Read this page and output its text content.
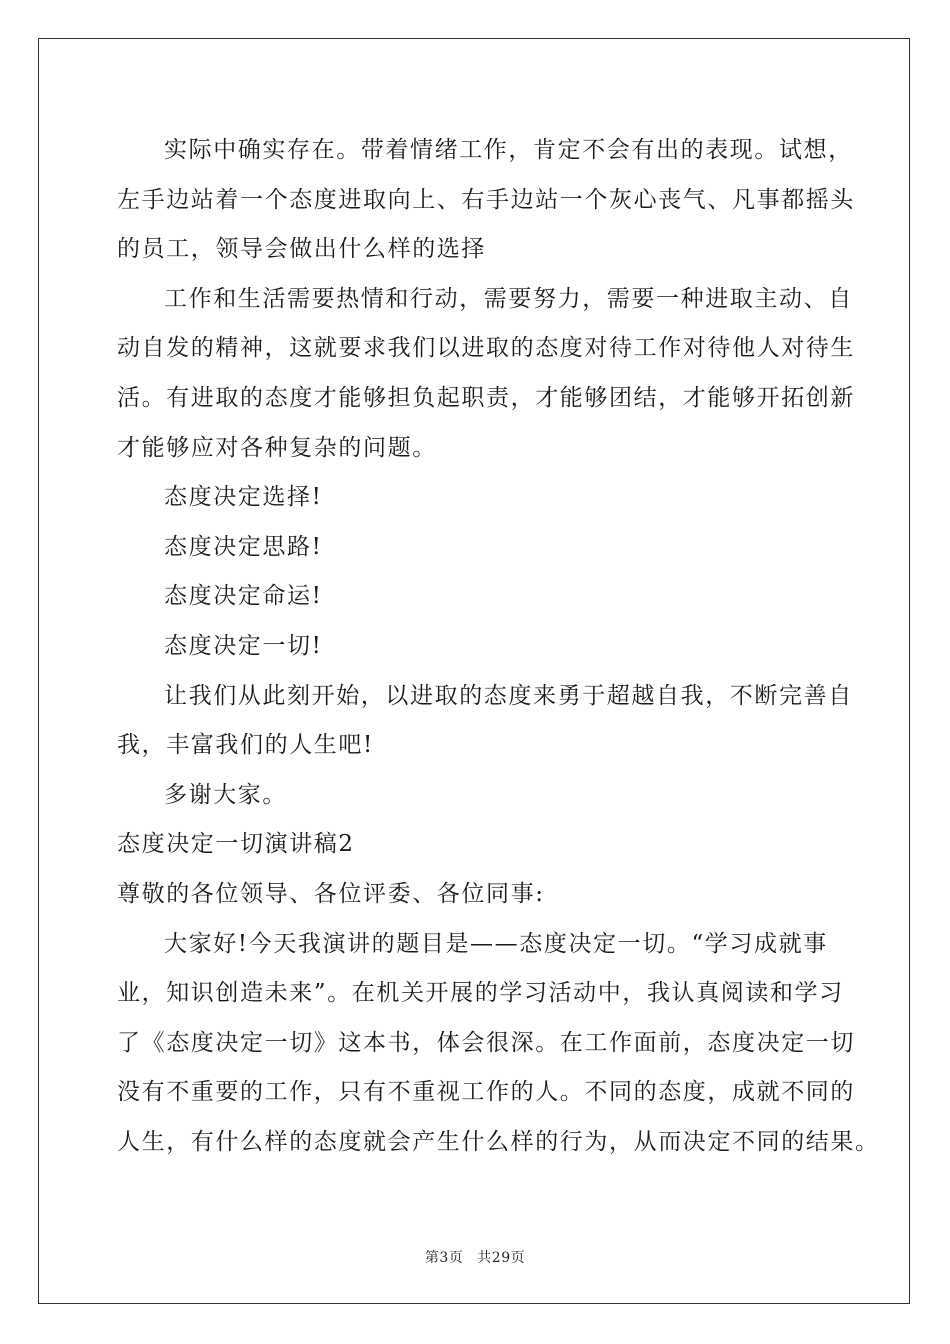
实际中确实存在。带着情绪工作，肯定不会有出的表现。试想，
左手边站着一个态度进取向上、右手边站一个灰心丧气、凡事都摇头
的员工，领导会做出什么样的选择

工作和生活需要热情和行动，需要努力，需要一种进取主动、自
动自发的精神，这就要求我们以进取的态度对待工作对待他人对待生
活。有进取的态度才能够担负起职责，才能够团结，才能够开拓创新
才能够应对各种复杂的问题。

态度决定选择!

态度决定思路!

态度决定命运!

态度决定一切!

让我们从此刻开始，以进取的态度来勇于超越自我，不断完善自
我，丰富我们的人生吧!

多谢大家。

态度决定一切演讲稿2

尊敬的各位领导、各位评委、各位同事:

大家好!今天我演讲的题目是——态度决定一切。“学习成就事
业，知识创造未来”。在机关开展的学习活动中，我认真阅读和学习
了《态度决定一切》这本书，体会很深。在工作面前，态度决定一切
没有不重要的工作，只有不重视工作的人。不同的态度，成就不同的
人生，有什么样的态度就会产生什么样的行为，从而决定不同的结果。

第3页 共29页
